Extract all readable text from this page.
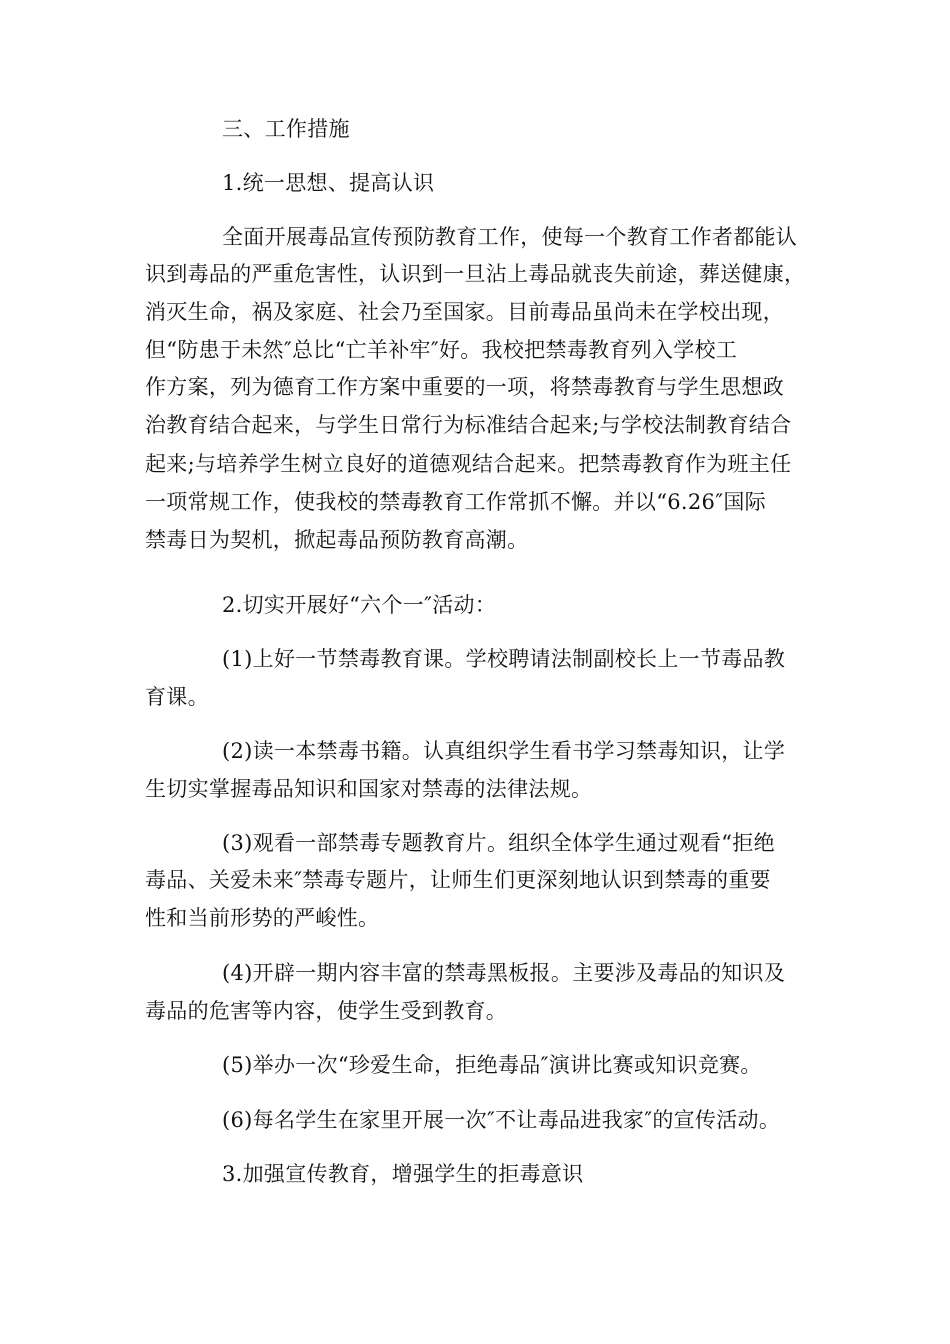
三、工作措施
1.统一思想、提高认识
全面开展毒品宣传预防教育工作，使每一个教育工作者都能认
识到毒品的严重危害性，认识到一旦沾上毒品就丧失前途，葬送健康，
消灭生命，祸及家庭、社会乃至国家。目前毒品虽尚未在学校出现，
但“防患于未然″总比“亡羊补牢″好。我校把禁毒教育列入学校工
作方案，列为德育工作方案中重要的一项，将禁毒教育与学生思想政
治教育结合起来，与学生日常行为标准结合起来;与学校法制教育结合
起来;与培养学生树立良好的道德观结合起来。把禁毒教育作为班主任
一项常规工作，使我校的禁毒教育工作常抓不懈。并以“6.26″国际
禁毒日为契机，掀起毒品预防教育高潮。
2.切实开展好“六个一″活动：
(1)上好一节禁毒教育课。学校聘请法制副校长上一节毒品教
育课。
(2)读一本禁毒书籍。认真组织学生看书学习禁毒知识，让学
生切实掌握毒品知识和国家对禁毒的法律法规。
(3)观看一部禁毒专题教育片。组织全体学生通过观看“拒绝
毒品、关爱未来″禁毒专题片，让师生们更深刻地认识到禁毒的重要
性和当前形势的严峻性。
(4)开辟一期内容丰富的禁毒黑板报。主要涉及毒品的知识及
毒品的危害等内容，使学生受到教育。
(5)举办一次“珍爱生命，拒绝毒品″演讲比赛或知识竞赛。
(6)每名学生在家里开展一次″不让毒品进我家″的宣传活动。
3.加强宣传教育，增强学生的拒毒意识
